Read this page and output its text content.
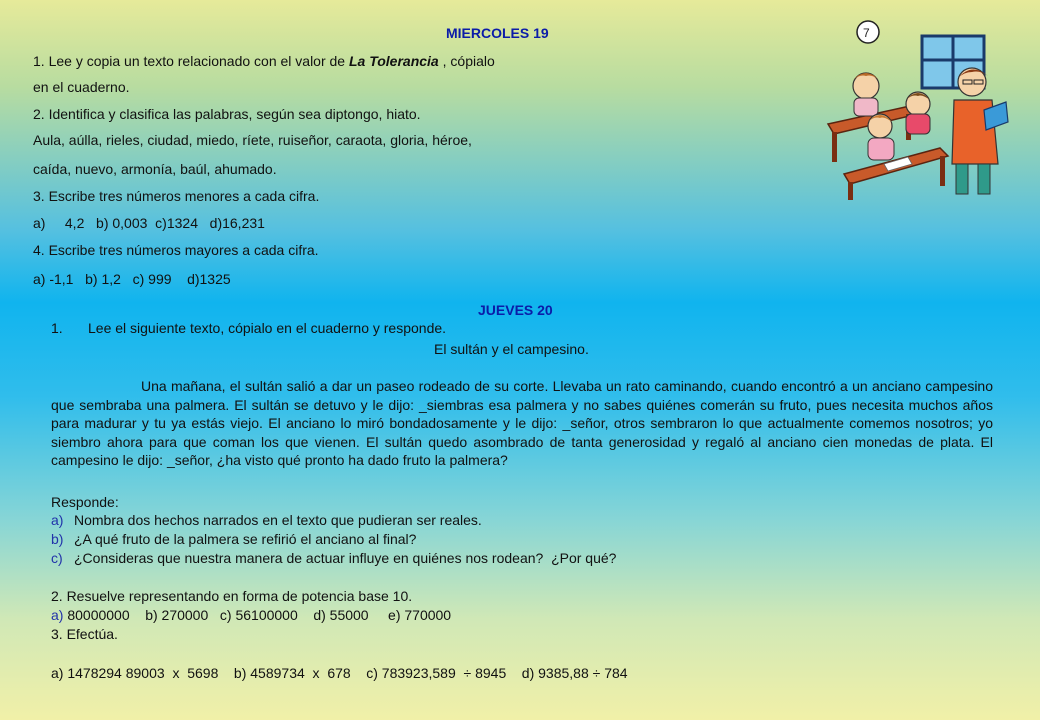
MIERCOLES 19
1. Lee y copia un texto relacionado con el valor de La Tolerancia , cópialo
en el cuaderno.
2. Identifica y clasifica las palabras, según sea diptongo, hiato.
Aula, aúlla, rieles, ciudad, miedo, ríete, ruiseñor, caraota, gloria, héroe,
caída, nuevo, armonía, baúl, ahumado.
3. Escribe tres números menores a cada cifra.
a)     4,2   b) 0,003  c)1324   d)16,231
4. Escribe tres números mayores a cada cifra.
a) -1,1   b) 1,2   c) 999    d)1325
7
JUEVES 20
1. Lee el siguiente texto, cópialo en el cuaderno y responde.
El sultán y el campesino.
Una mañana, el sultán salió a dar un paseo rodeado de su corte. Llevaba un rato caminando, cuando encontró a un anciano campesino que sembraba una palmera. El sultán se detuvo y le dijo: _siembras esa palmera y no sabes quiénes comerán su fruto, pues necesita muchos años para madurar y tu ya estás viejo. El anciano lo miró bondadosamente y le dijo: _señor, otros sembraron lo que actualmente comemos nosotros; yo siembro ahora para que coman los que vienen. El sultán quedo asombrado de tanta generosidad y regaló al anciano cien monedas de plata. El campesino le dijo: _señor, ¿ha visto qué pronto ha dado fruto la palmera?
Responde:
a) Nombra dos hechos narrados en el texto que pudieran ser reales.
b) ¿A qué fruto de la palmera se refirió el anciano al final?
c) ¿Consideras que nuestra manera de actuar influye en quiénes nos rodean?  ¿Por qué?
2. Resuelve representando en forma de potencia base 10.
a) 80000000    b) 270000   c) 56100000    d) 55000     e) 770000
3. Efectúa.
a) 1478294 89003  x  5698    b) 4589734  x  678    c) 783923,589  ÷ 8945    d) 9385,88 ÷ 784
